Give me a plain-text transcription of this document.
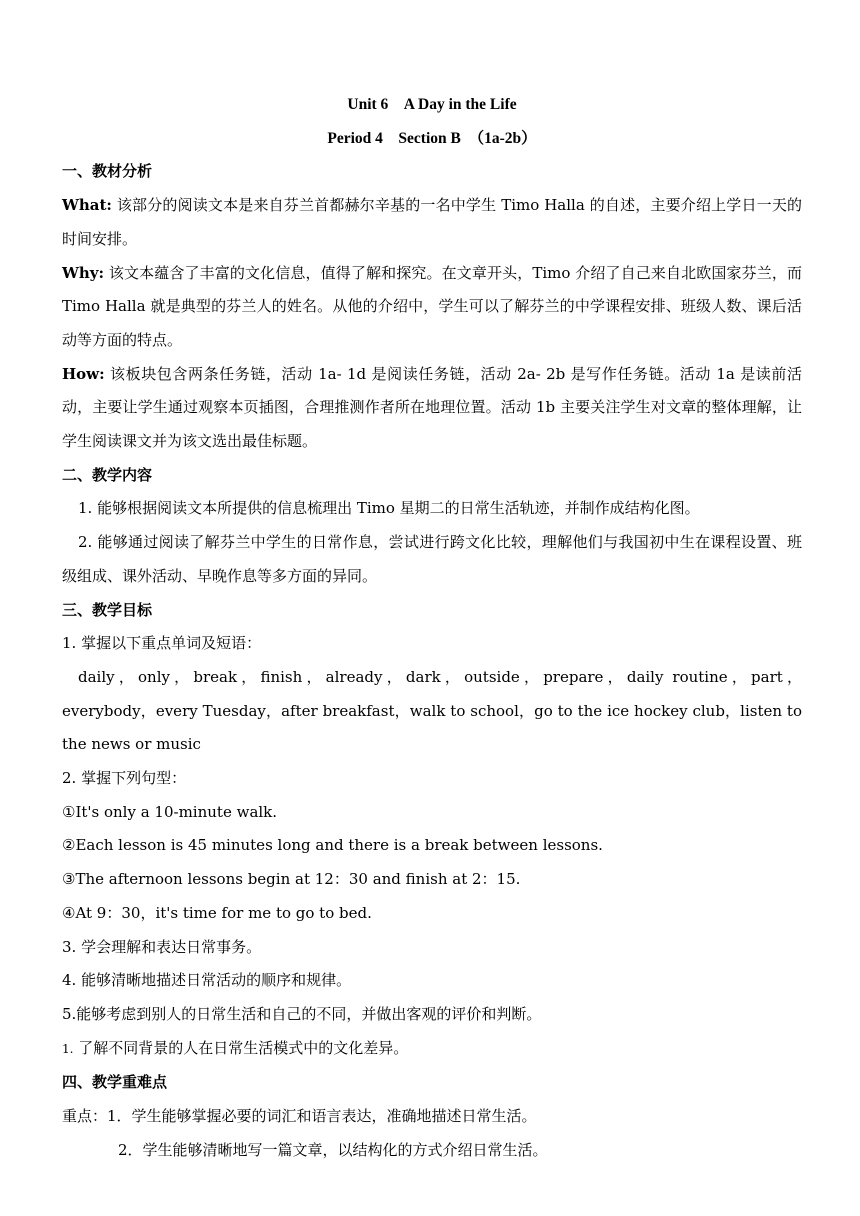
Unit 6　A Day in the Life

Period 4　Section B　（1a-2b）

一、教材分析

What: 该部分的阅读文本是来自芬兰首都赫尔辛基的一名中学生 Timo Halla 的自述，主要介绍上学日一天的时间安排。

Why: 该文本蕴含了丰富的文化信息，值得了解和探究。在文章开头，Timo 介绍了自己来自北欧国家芬兰，而 Timo Halla 就是典型的芬兰人的姓名。从他的介绍中，学生可以了解芬兰的中学课程安排、班级人数、课后活动等方面的特点。

How: 该板块包含两条任务链，活动 1a- 1d 是阅读任务链，活动 2a- 2b 是写作任务链。活动 1a 是读前活动，主要让学生通过观察本页插图，合理推测作者所在地理位置。活动 1b 主要关注学生对文章的整体理解，让学生阅读课文并为该文选出最佳标题。

二、教学内容

1. 能够根据阅读文本所提供的信息梳理出 Timo 星期二的日常生活轨迹，并制作成结构化图。

2. 能够通过阅读了解芬兰中学生的日常作息，尝试进行跨文化比较，理解他们与我国初中生在课程设置、班级组成、课外活动、早晚作息等多方面的异同。

三、教学目标

1. 掌握以下重点单词及短语：

daily，only，break，finish，already，dark，outside，prepare，daily routine，part，everybody，every Tuesday，after breakfast，walk to school，go to the ice hockey club，listen to the news or music

2. 掌握下列句型：

①It's only a 10-minute walk.

②Each lesson is 45 minutes long and there is a break between lessons.

③The afternoon lessons begin at 12：30 and finish at 2：15.

④At 9：30，it's time for me to go to bed.

3. 学会理解和表达日常事务。

4. 能够清晰地描述日常活动的顺序和规律。

5.能够考虑到别人的日常生活和自己的不同，并做出客观的评价和判断。

1. 了解不同背景的人在日常生活模式中的文化差异。

四、教学重难点

重点：1．学生能够掌握必要的词汇和语言表达，准确地描述日常生活。

2．学生能够清晰地写一篇文章，以结构化的方式介绍日常生活。
